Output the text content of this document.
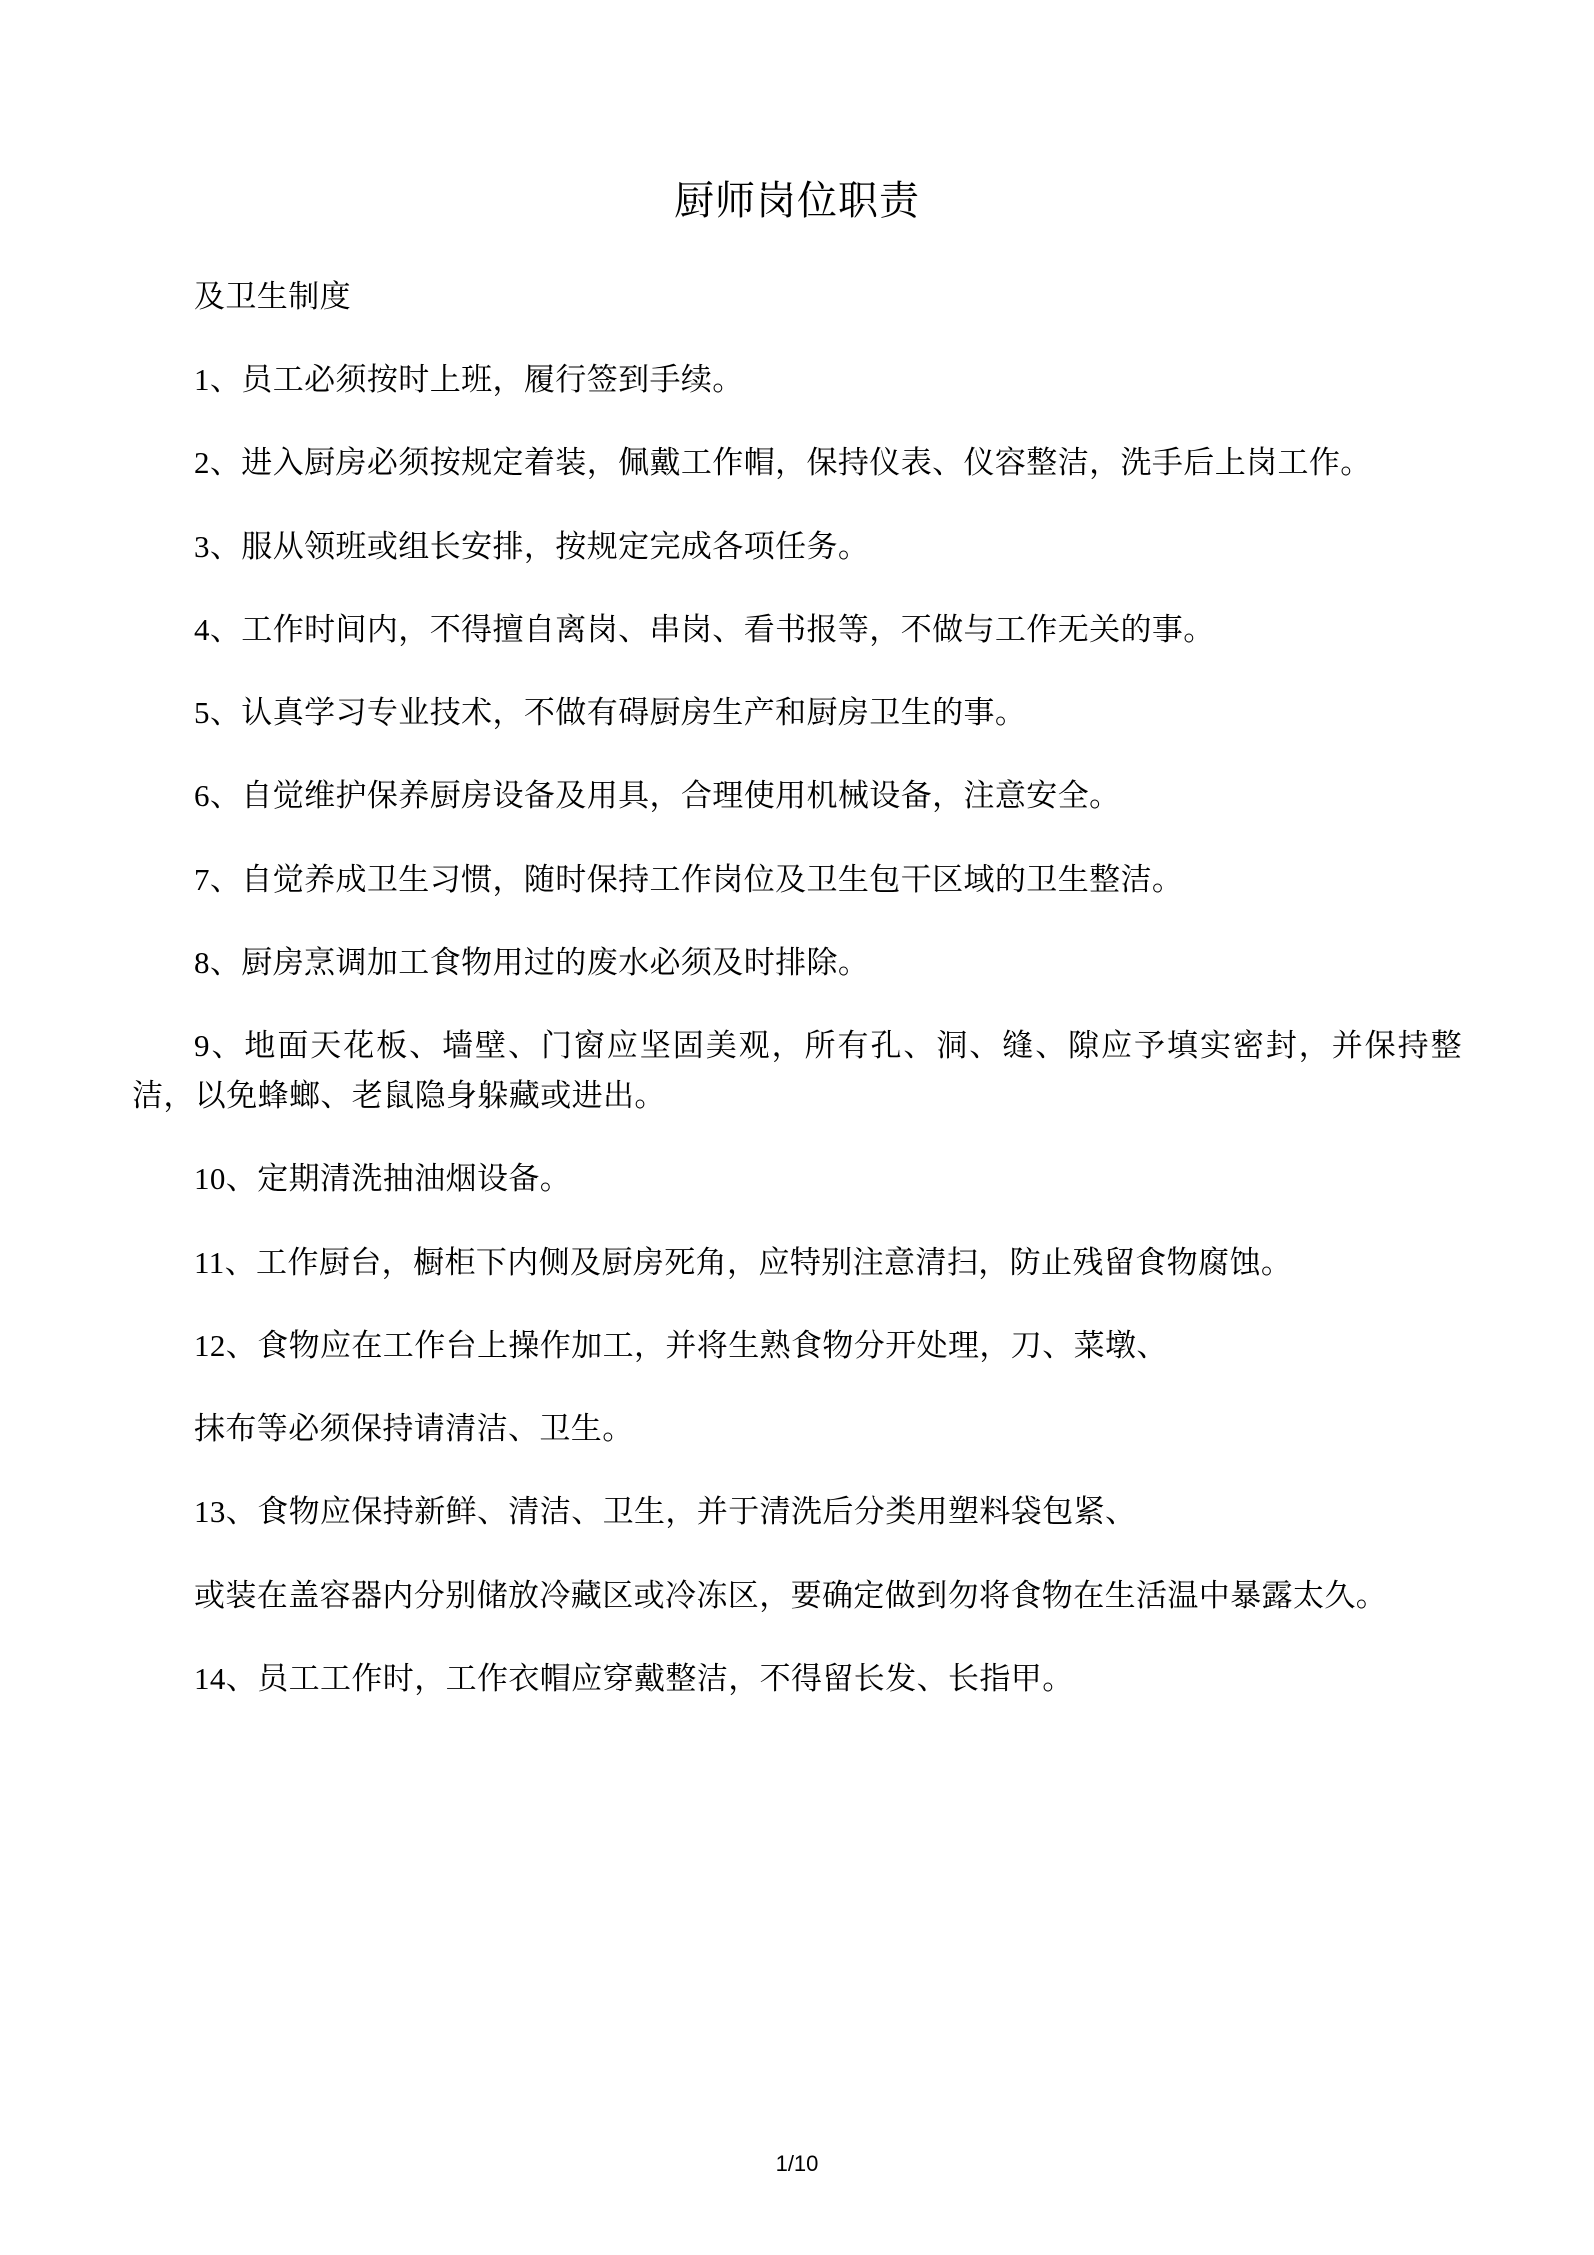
厨师岗位职责

及卫生制度

1、员工必须按时上班，履行签到手续。

2、进入厨房必须按规定着装，佩戴工作帽，保持仪表、仪容整洁，洗手后上岗工作。

3、服从领班或组长安排，按规定完成各项任务。

4、工作时间内，不得擅自离岗、串岗、看书报等，不做与工作无关的事。

5、认真学习专业技术，不做有碍厨房生产和厨房卫生的事。

6、自觉维护保养厨房设备及用具，合理使用机械设备，注意安全。

7、自觉养成卫生习惯，随时保持工作岗位及卫生包干区域的卫生整洁。

8、厨房烹调加工食物用过的废水必须及时排除。

9、地面天花板、墙壁、门窗应坚固美观，所有孔、洞、缝、隙应予填实密封，并保持整洁，以免蜂螂、老鼠隐身躲藏或进出。

10、定期清洗抽油烟设备。

11、工作厨台，橱柜下内侧及厨房死角，应特别注意清扫，防止残留食物腐蚀。

12、食物应在工作台上操作加工，并将生熟食物分开处理，刀、菜墩、

抹布等必须保持请清洁、卫生。

13、食物应保持新鲜、清洁、卫生，并于清洗后分类用塑料袋包紧、

或装在盖容器内分别储放冷藏区或冷冻区，要确定做到勿将食物在生活温中暴露太久。

14、员工工作时，工作衣帽应穿戴整洁，不得留长发、长指甲。

1/10
